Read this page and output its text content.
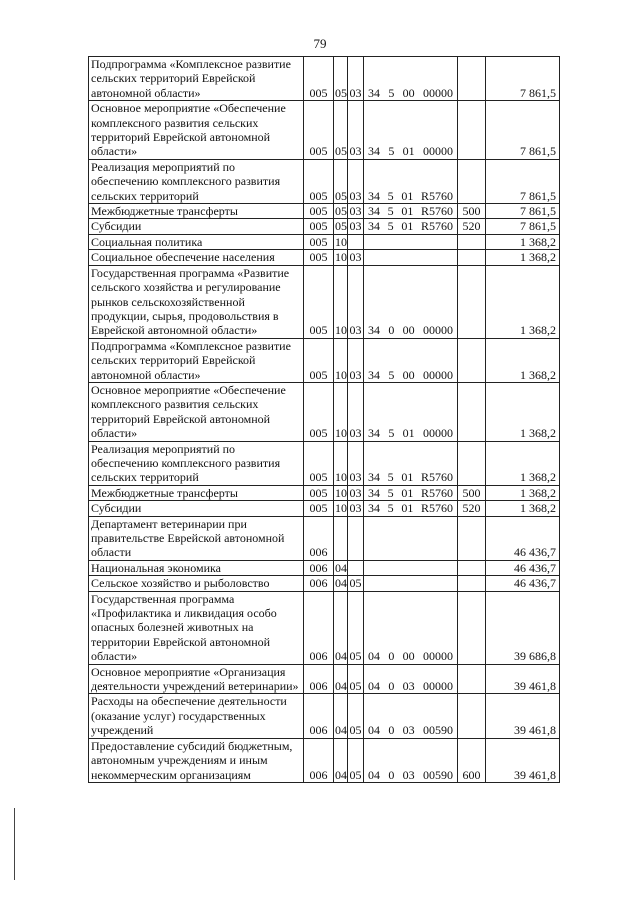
79
Подпрограмма «Комплексное развитие сельских территорий Еврейской автономной области»	005	05	03	34 5 00 00000		7 861,5
Основное мероприятие «Обеспечение комплексного развития сельских территорий Еврейской автономной области»	005	05	03	34 5 01 00000		7 861,5
Реализация мероприятий по обеспечению комплексного развития сельских территорий	005	05	03	34 5 01 R5760		7 861,5
Межбюджетные трансферты	005	05	03	34 5 01 R5760	500	7 861,5
Субсидии	005	05	03	34 5 01 R5760	520	7 861,5
Социальная политика	005	10				1 368,2
Социальное обеспечение населения	005	10	03			1 368,2
Государственная программа «Развитие сельского хозяйства и регулирование рынков сельскохозяйственной продукции, сырья, продовольствия в Еврейской автономной области»	005	10	03	34 0 00 00000		1 368,2
Подпрограмма «Комплексное развитие сельских территорий Еврейской автономной области»	005	10	03	34 5 00 00000		1 368,2
Основное мероприятие «Обеспечение комплексного развития сельских территорий Еврейской автономной области»	005	10	03	34 5 01 00000		1 368,2
Реализация мероприятий по обеспечению комплексного развития сельских территорий	005	10	03	34 5 01 R5760		1 368,2
Межбюджетные трансферты	005	10	03	34 5 01 R5760	500	1 368,2
Субсидии	005	10	03	34 5 01 R5760	520	1 368,2
Департамент ветеринарии при правительстве Еврейской автономной области	006					46 436,7
Национальная экономика	006	04				46 436,7
Сельское хозяйство и рыболовство	006	04	05			46 436,7
Государственная программа «Профилактика и ликвидация особо опасных болезней животных на территории Еврейской автономной области»	006	04	05	04 0 00 00000		39 686,8
Основное мероприятие «Организация деятельности учреждений ветеринарии»	006	04	05	04 0 03 00000		39 461,8
Расходы на обеспечение деятельности (оказание услуг) государственных учреждений	006	04	05	04 0 03 00590		39 461,8
Предоставление субсидий бюджетным, автономным учреждениям и иным некоммерческим организациям	006	04	05	04 0 03 00590	600	39 461,8
